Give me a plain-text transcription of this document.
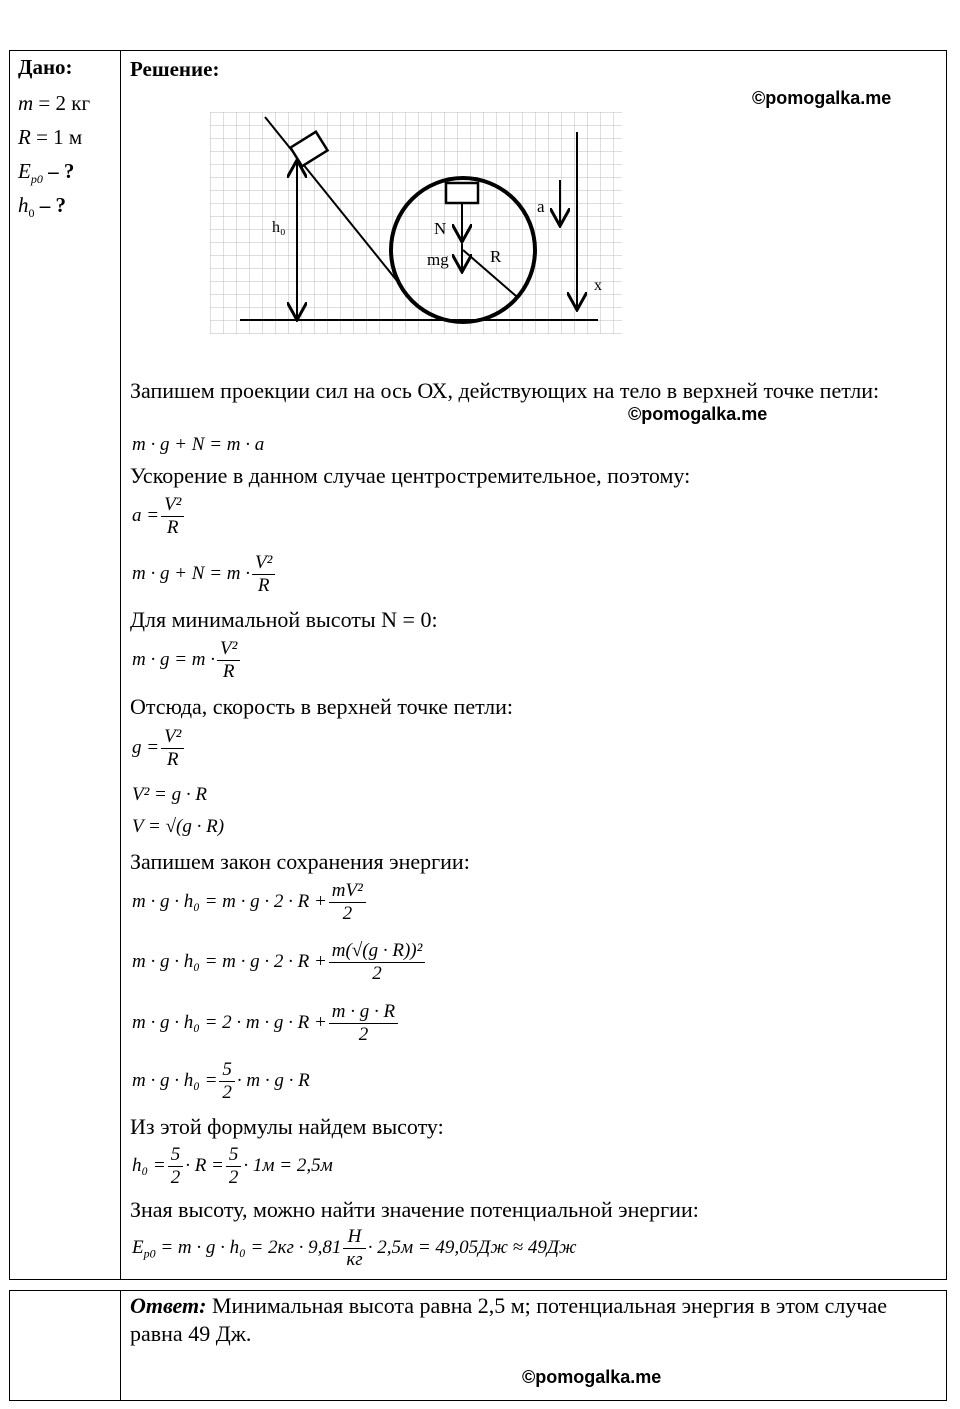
Дано:
m = 2 кг
R = 1 м
$E_{p0}$ – ?
$h_0$ – ?
Решение:
©pomogalka.me
h₀	N
mg R
a
x
Запишем проекции сил на ось ОХ, действующих на тело в верхней точке петли:
©pomogalka.me
m · g + N = m · a
Ускорение в данном случае центростремительное, поэтому:
$a = \frac{\text{V²}}{R}$
$m \cdot g + N = m \cdot \frac{\text{V²}}{R}$
Для минимальной высоты N = 0:
$m \cdot g = m \cdot \frac{\text{V²}}{R}$
Отсюда, скорость в верхней точке петли:
$g = \frac{\text{V²}}{R}$
V² = g · R
V = √(g · R)
Запишем закон сохранения энергии:
$m \cdot g \cdot h_0 = m \cdot g \cdot 2 \cdot R + \frac{\text{mV²}}{2}$
$m \cdot g \cdot h_0 = m \cdot g \cdot 2 \cdot R + \frac{\text{m(√(g · R))²}}{2}$
$m \cdot g \cdot h_0 = 2 \cdot m \cdot g \cdot R + \frac{m \cdot g \cdot R}{2}$
$m \cdot g \cdot h_0 = \frac{5}{2} \cdot m \cdot g \cdot R$
Из этой формулы найдем высоту:
$h_0 = \frac{5}{2} \cdot R = \frac{5}{2} \cdot 1м = 2,5м$
Зная высоту, можно найти значение потенциальной энергии:
$E_{p0} = m \cdot g \cdot h_0 = 2кг \cdot 9,81 \frac{Н}{кг} \cdot 2,5м = 49,05Дж \approx 49Дж$
Ответ: Минимальная высота равна 2,5 м; потенциальная энергия в этом случае равна 49 Дж.
©pomogalka.me
